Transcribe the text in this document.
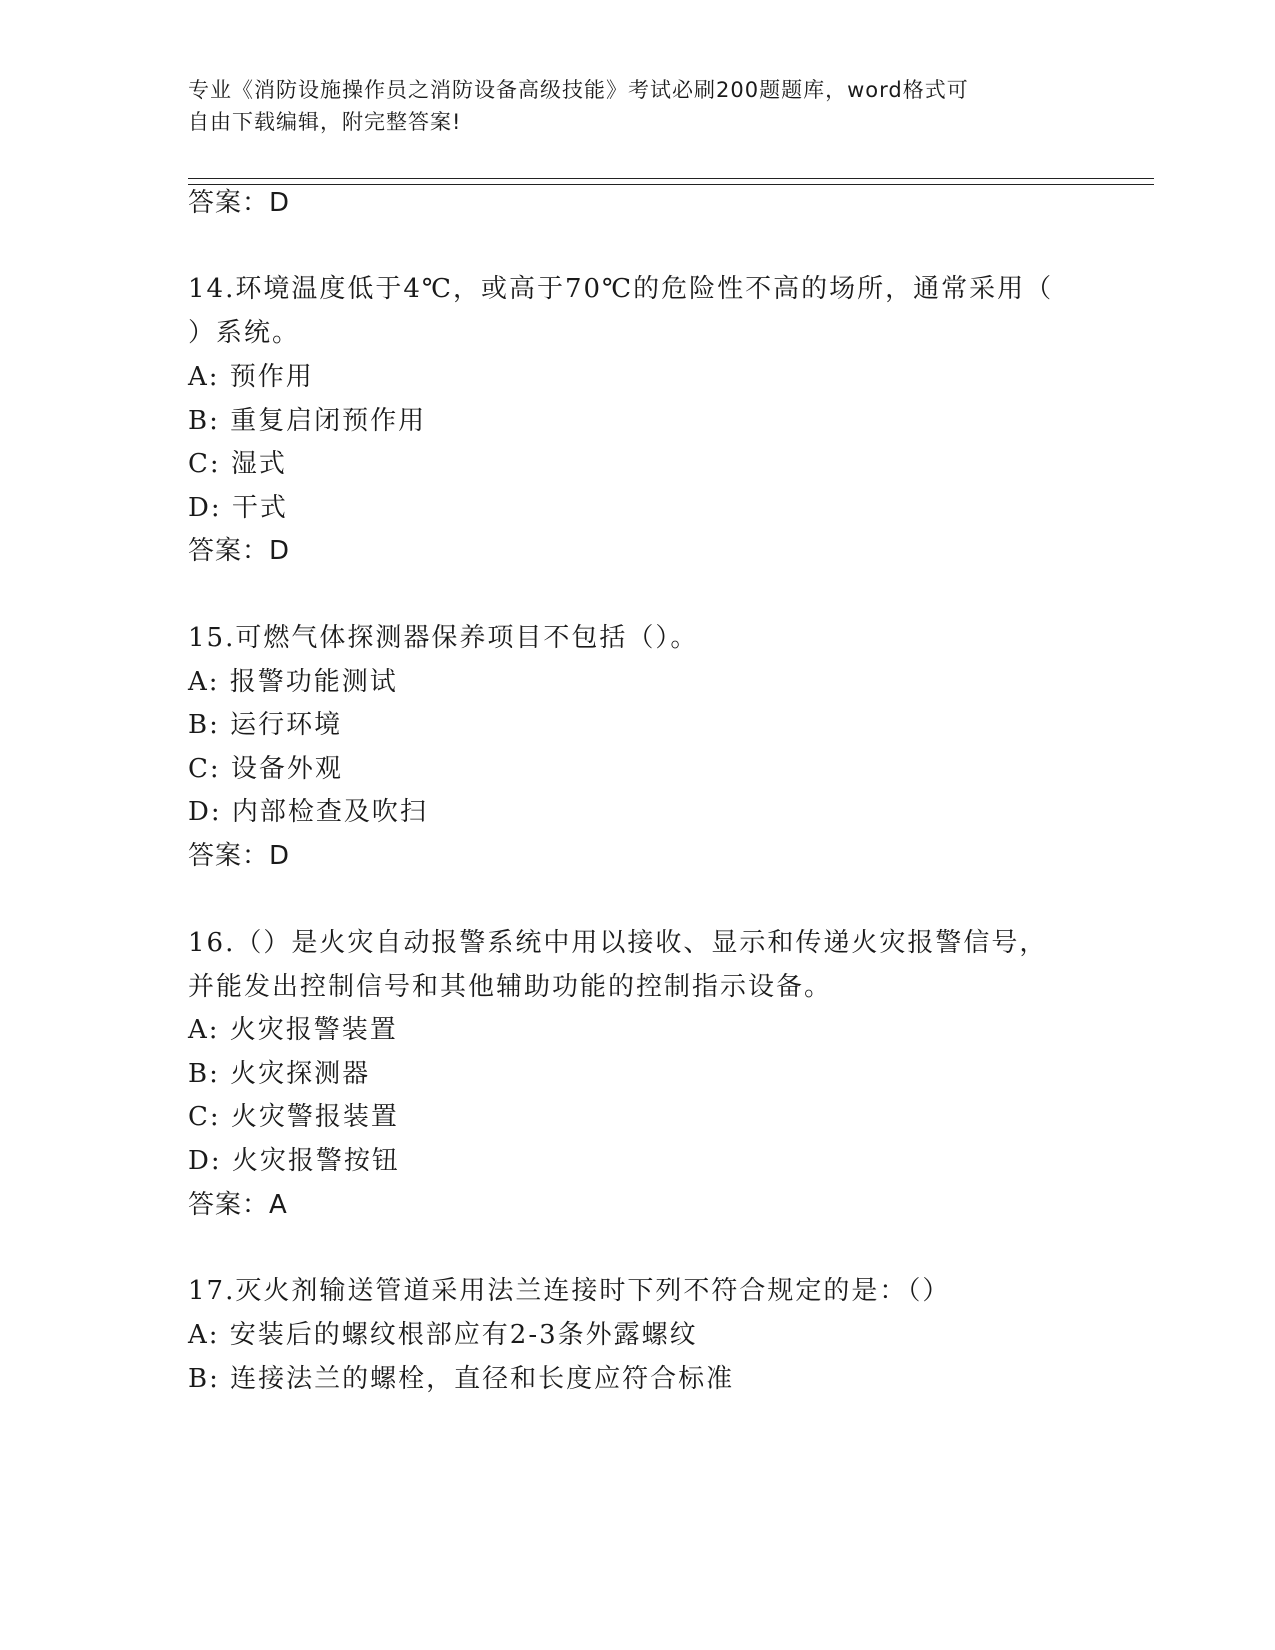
专业《消防设施操作员之消防设备高级技能》考试必刷200题题库，word格式可
自由下载编辑，附完整答案!
答案：D
14.环境温度低于4℃，或高于70℃的危险性不高的场所，通常采用（
）系统。
A: 预作用
B: 重复启闭预作用
C: 湿式
D: 干式
答案：D
15.可燃气体探测器保养项目不包括（）。
A: 报警功能测试
B: 运行环境
C: 设备外观
D: 内部检查及吹扫
答案：D
16.（）是火灾自动报警系统中用以接收、显示和传递火灾报警信号，
并能发出控制信号和其他辅助功能的控制指示设备。
A: 火灾报警装置
B: 火灾探测器
C: 火灾警报装置
D: 火灾报警按钮
答案：A
17.灭火剂输送管道采用法兰连接时下列不符合规定的是：（）
A: 安装后的螺纹根部应有2-3条外露螺纹
B: 连接法兰的螺栓，直径和长度应符合标准
